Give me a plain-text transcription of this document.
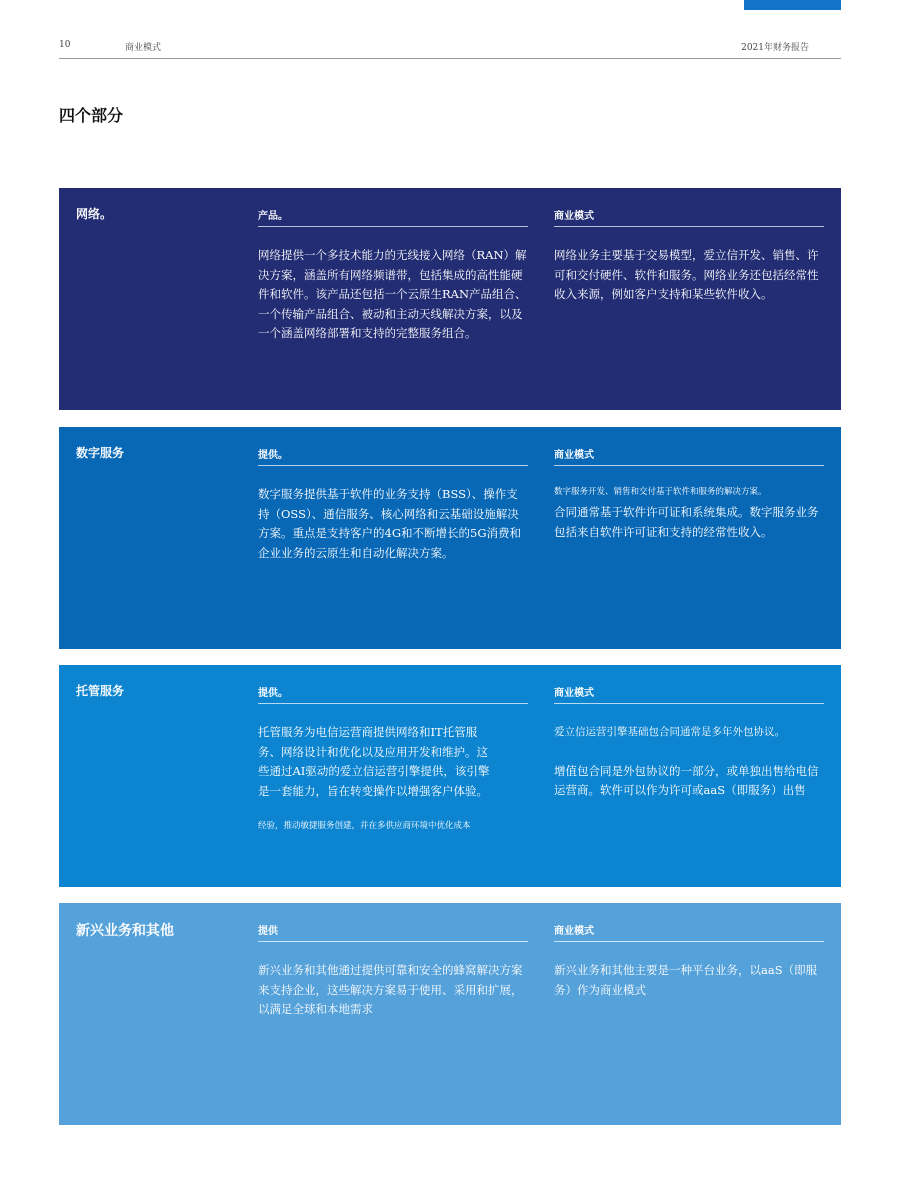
10	商业模式	2021年财务报告
四个部分
网络。	产品。
网络提供一个多技术能力的无线接入网络（RAN）解决方案，涵盖所有网络频谱带，包括集成的高性能硬件和软件。该产品还包括一个云原生RAN产品组合、一个传输产品组合、被动和主动天线解决方案，以及一个涵盖网络部署和支持的完整服务组合。
商业模式
网络业务主要基于交易模型，爱立信开发、销售、许可和交付硬件、软件和服务。网络业务还包括经常性收入来源，例如客户支持和某些软件收入。
数字服务	提供。
数字服务提供基于软件的业务支持（BSS）、操作支持（OSS）、通信服务、核心网络和云基础设施解决方案。重点是支持客户的4G和不断增长的5G消费和企业业务的云原生和自动化解决方案。
商业模式
数字服务开发、销售和交付基于软件和服务的解决方案。
合同通常基于软件许可证和系统集成。数字服务业务包括来自软件许可证和支持的经常性收入。
托管服务	提供。
托管服务为电信运营商提供网络和IT托管服务、网络设计和优化以及应用开发和维护。这些通过AI驱动的爱立信运营引擎提供，该引擎是一套能力，旨在转变操作以增强客户体验。
经验，推动敏捷服务创建，并在多供应商环境中优化成本
商业模式
爱立信运营引擎基础包合同通常是多年外包协议。
增值包合同是外包协议的一部分，或单独出售给电信运营商。软件可以作为许可或aaS（即服务）出售
新兴业务和其他	提供
新兴业务和其他通过提供可靠和安全的蜂窝解决方案来支持企业，这些解决方案易于使用、采用和扩展，以满足全球和本地需求
商业模式
新兴业务和其他主要是一种平台业务，以aaS（即服务）作为商业模式
